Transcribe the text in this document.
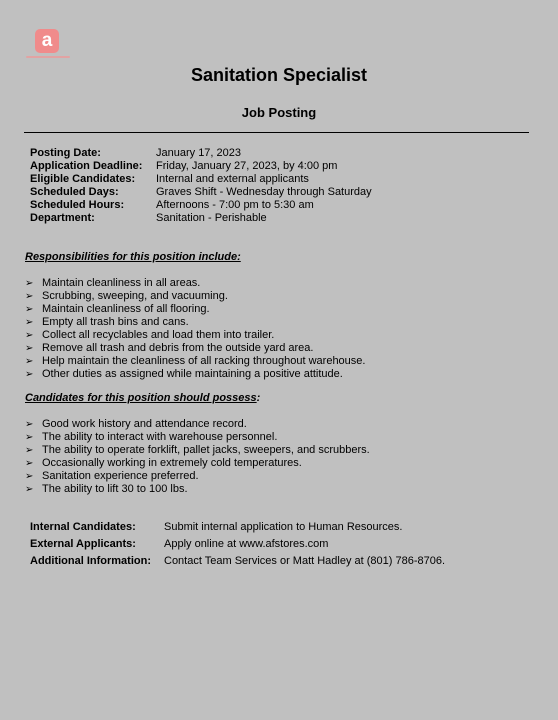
a
Sanitation Specialist
Job Posting
Posting Date:	January 17, 2023
Application Deadline:	Friday, January 27, 2023, by 4:00 pm
Eligible Candidates:	Internal and external applicants
Scheduled Days:	Graves Shift - Wednesday through Saturday
Scheduled Hours:	Afternoons - 7:00 pm to 5:30 am
Department:	Sanitation - Perishable
Responsibilities for this position include:
➢ Maintain cleanliness in all areas.
➢ Scrubbing, sweeping, and vacuuming.
➢ Maintain cleanliness of all flooring.
➢ Empty all trash bins and cans.
➢ Collect all recyclables and load them into trailer.
➢ Remove all trash and debris from the outside yard area.
➢ Help maintain the cleanliness of all racking throughout warehouse.
➢ Other duties as assigned while maintaining a positive attitude.
Candidates for this position should possess:
➢ Good work history and attendance record.
➢ The ability to interact with warehouse personnel.
➢ The ability to operate forklift, pallet jacks, sweepers, and scrubbers.
➢ Occasionally working in extremely cold temperatures.
➢ Sanitation experience preferred.
➢ The ability to lift 30 to 100 lbs.
Internal Candidates:	Submit internal application to Human Resources.
External Applicants:	Apply online at www.afstores.com
Additional Information:	Contact Team Services or Matt Hadley at (801) 786-8706.
